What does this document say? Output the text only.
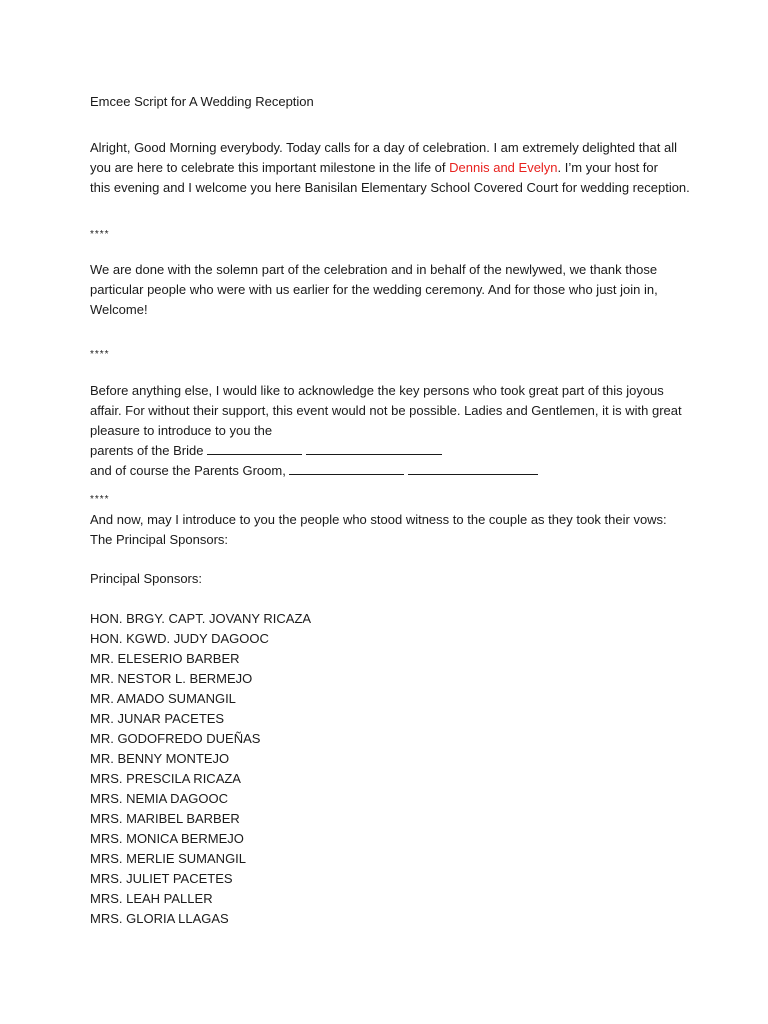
Emcee Script for A Wedding Reception
Alright, Good Morning everybody. Today calls for a day of celebration. I am extremely delighted that all
you are here to celebrate this important milestone in the life of Dennis and Evelyn. I’m your host for
this evening and I welcome you here Banisilan Elementary School Covered Court for wedding reception.
****
We are done with the solemn part of the celebration and in behalf of the newlywed, we thank those
particular people who were with us earlier for the wedding ceremony. And for those who just join in,
Welcome!
****
Before anything else, I would like to acknowledge the key persons who took great part of this joyous
affair. For without their support, this event would not be possible. Ladies and Gentlemen, it is with great
pleasure to introduce to you the
parents of the Bride
and of course the Parents Groom,
****
And now, may I introduce to you the people who stood witness to the couple as they took their vows:
The Principal Sponsors:
Principal Sponsors:
HON. BRGY. CAPT. JOVANY RICAZA
HON. KGWD. JUDY DAGOOC
MR. ELESERIO BARBER
MR. NESTOR L. BERMEJO
MR. AMADO SUMANGIL
MR. JUNAR PACETES
MR. GODOFREDO DUEÑAS
MR. BENNY MONTEJO
MRS. PRESCILA RICAZA
MRS. NEMIA DAGOOC
MRS. MARIBEL BARBER
MRS. MONICA BERMEJO
MRS. MERLIE SUMANGIL
MRS. JULIET PACETES
MRS. LEAH PALLER
MRS. GLORIA LLAGAS
